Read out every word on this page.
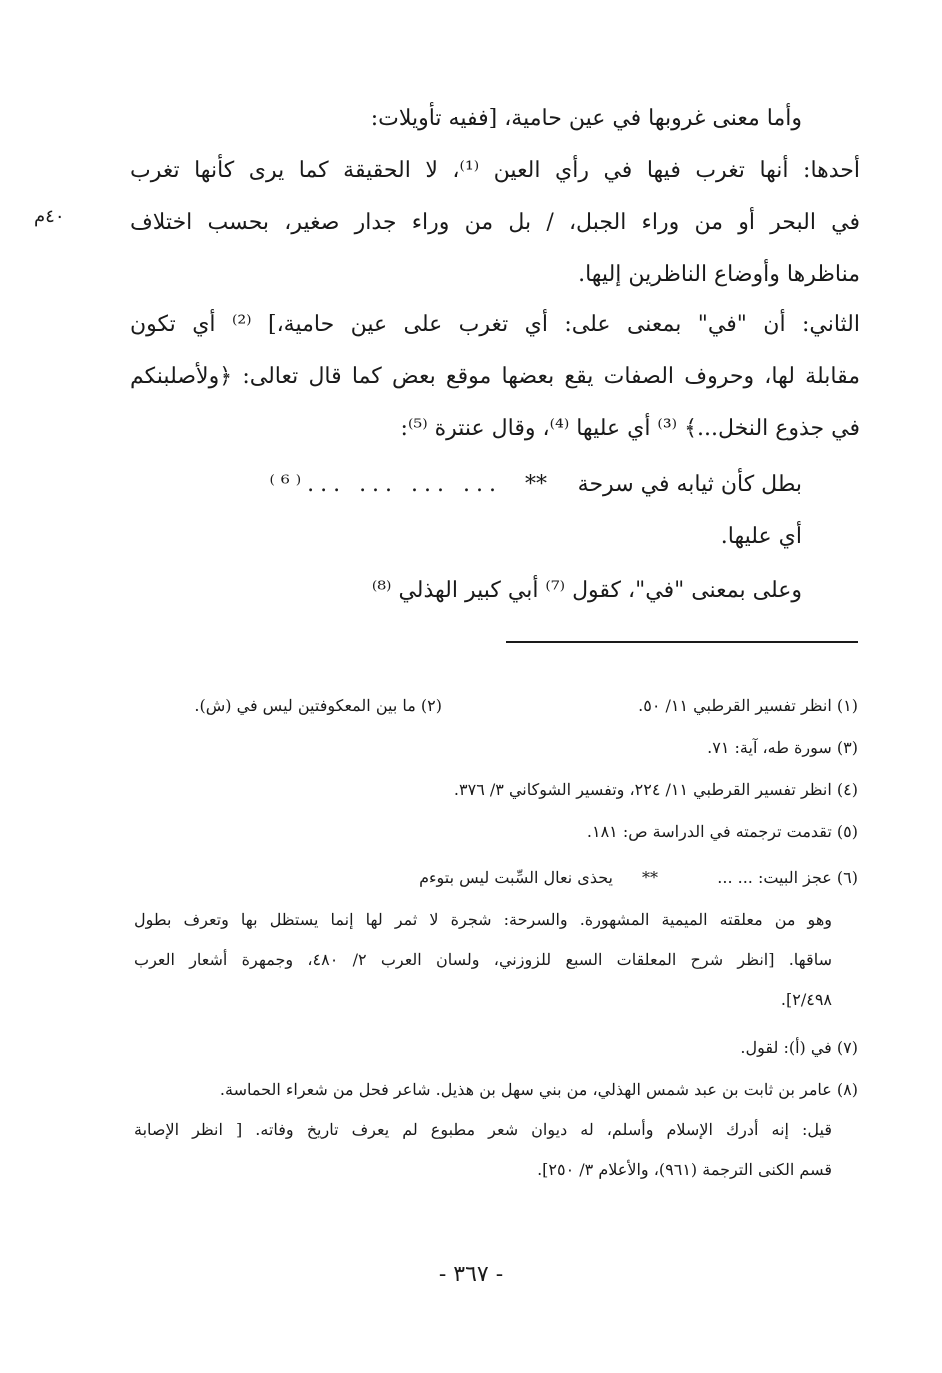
٤٠م
وأما معنى غروبها في عين حامية، [ففيه تأويلات:
أحدها: أنها تغرب فيها في رأي العين ⁽¹⁾، لا الحقيقة كما يرى كأنها تغرب
في البحر أو من وراء الجبل، / بل من وراء جدار صغير، بحسب اختلاف
مناظرها وأوضاع الناظرين إليها.
الثاني: أن "في" بمعنى على: أي تغرب على عين حامية،] ⁽²⁾ أي تكون
مقابلة لها، وحروف الصفات يقع بعضها موقع بعض كما قال تعالى: ﴿ولأصلبنكم
في جذوع النخل...﴾ ⁽³⁾ أي عليها ⁽⁴⁾، وقال عنترة ⁽⁵⁾:
بطل كأن ثيابه في سرحة
**
... ... ... ...⁽⁶⁾
أي عليها.
وعلى بمعنى "في"، كقول ⁽⁷⁾ أبي كبير الهذلي ⁽⁸⁾
(١) انظر تفسير القرطبي ١١/ ٥٠.
(٢) ما بين المعكوفتين ليس في (ش).
(٣) سورة طه، آية: ٧١.
(٤) انظر تفسير القرطبي ١١/ ٢٢٤، وتفسير الشوكاني ٣/ ٣٧٦.
(٥) تقدمت ترجمته في الدراسة ص: ١٨١.
(٦) عجز البيت: ... ...
**
يحذى نعال السِّبت ليس بتوءم
وهو من معلقته الميمية المشهورة. والسرحة: شجرة لا ثمر لها إنما يستظل بها وتعرف بطول
ساقها. [انظر شرح المعلقات السبع للزوزني، ولسان العرب ٢/ ٤٨٠، وجمهرة أشعار العرب
٢/٤٩٨].
(٧) في (أ): لقول.
(٨) عامر بن ثابت بن عبد شمس الهذلي، من بني سهل بن هذيل. شاعر فحل من شعراء الحماسة.
قيل: إنه أدرك الإسلام وأسلم، له ديوان شعر مطبوع لم يعرف تاريخ وفاته. [ انظر الإصابة
قسم الكنى الترجمة (٩٦١)، والأعلام ٣/ ٢٥٠].
- ٣٦٧ -
